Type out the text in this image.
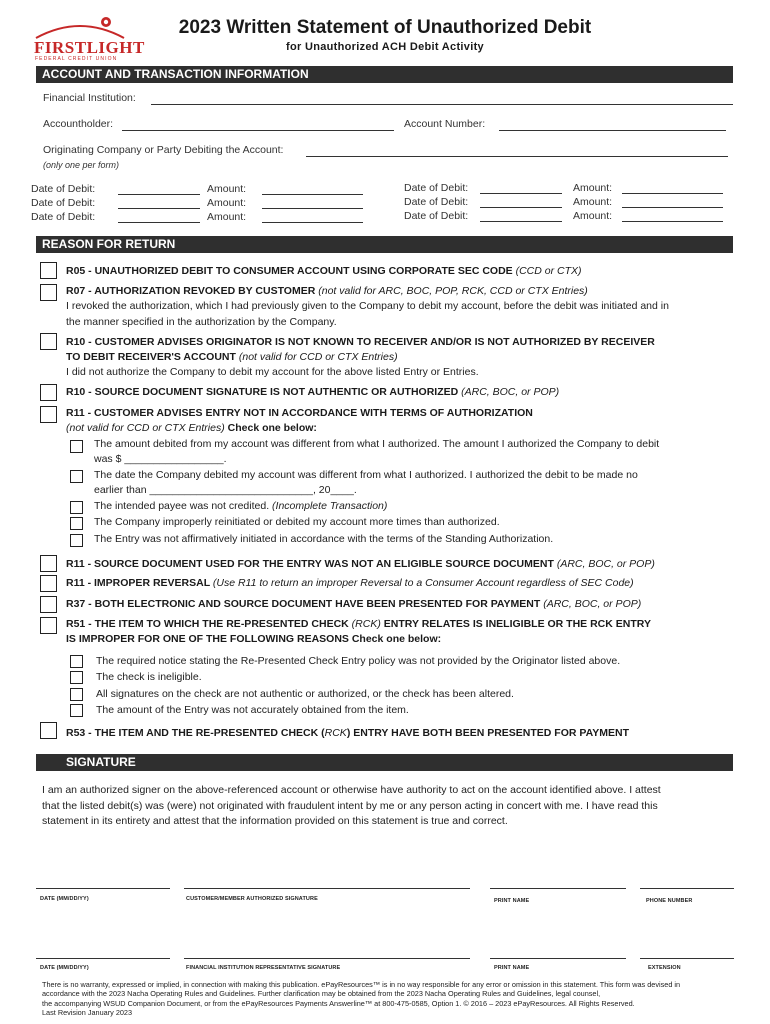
FIRSTLIGHT
FEDERAL CREDIT UNION
2023 Written Statement of Unauthorized Debit
for Unauthorized ACH Debit Activity
ACCOUNT AND TRANSACTION INFORMATION
Financial Institution:
Accountholder:	Account Number:
Originating Company or Party Debiting the Account:
(only one per form)
Date of Debit:	Amount:
Date of Debit:	Amount:
Date of Debit:	Amount:
Date of Debit:	Amount:
Date of Debit:	Amount:
Date of Debit:	Amount:
REASON FOR RETURN
R05 - UNAUTHORIZED DEBIT TO CONSUMER ACCOUNT USING CORPORATE SEC CODE (CCD or CTX)
R07 - AUTHORIZATION REVOKED BY CUSTOMER (not valid for ARC, BOC, POP, RCK, CCD or CTX Entries)
I revoked the authorization, which I had previously given to the Company to debit my account, before the debit was initiated and in
the manner specified in the authorization by the Company.
R10 - CUSTOMER ADVISES ORIGINATOR IS NOT KNOWN TO RECEIVER AND/OR IS NOT AUTHORIZED BY RECEIVER
TO DEBIT RECEIVER'S ACCOUNT (not valid for CCD or CTX Entries)
I did not authorize the Company to debit my account for the above listed Entry or Entries.
R10 - SOURCE DOCUMENT SIGNATURE IS NOT AUTHENTIC OR AUTHORIZED (ARC, BOC, or POP)
R11 - CUSTOMER ADVISES ENTRY NOT IN ACCORDANCE WITH TERMS OF AUTHORIZATION
(not valid for CCD or CTX Entries) Check one below:
The amount debited from my account was different from what I authorized. The amount I authorized the Company to debit
was $ _________________.
The date the Company debited my account was different from what I authorized. I authorized the debit to be made no
earlier than ____________________________, 20____.
The intended payee was not credited. (Incomplete Transaction)
The Company improperly reinitiated or debited my account more times than authorized.
The Entry was not affirmatively initiated in accordance with the terms of the Standing Authorization.
R11 - SOURCE DOCUMENT USED FOR THE ENTRY WAS NOT AN ELIGIBLE SOURCE DOCUMENT (ARC, BOC, or POP)
R11 - IMPROPER REVERSAL (Use R11 to return an improper Reversal to a Consumer Account regardless of SEC Code)
R37 - BOTH ELECTRONIC AND SOURCE DOCUMENT HAVE BEEN PRESENTED FOR PAYMENT (ARC, BOC, or POP)
R51 - THE ITEM TO WHICH THE RE-PRESENTED CHECK (RCK) ENTRY RELATES IS INELIGIBLE OR THE RCK ENTRY
IS IMPROPER FOR ONE OF THE FOLLOWING REASONS Check one below:
The required notice stating the Re-Presented Check Entry policy was not provided by the Originator listed above.
The check is ineligible.
All signatures on the check are not authentic or authorized, or the check has been altered.
The amount of the Entry was not accurately obtained from the item.
R53 - THE ITEM AND THE RE-PRESENTED CHECK (RCK) ENTRY HAVE BOTH BEEN PRESENTED FOR PAYMENT
SIGNATURE
I am an authorized signer on the above-referenced account or otherwise have authority to act on the account identified above. I attest
that the listed debit(s) was (were) not originated with fraudulent intent by me or any person acting in concert with me. I have read this
statement in its entirety and attest that the information provided on this statement is true and correct.
DATE (MM/DD/YY)	CUSTOMER/MEMBER AUTHORIZED SIGNATURE	PRINT NAME	PHONE NUMBER
DATE (MM/DD/YY)	FINANCIAL INSTITUTION REPRESENTATIVE SIGNATURE	PRINT NAME	EXTENSION
There is no warranty, expressed or implied, in connection with making this publication. ePayResources™ is in no way responsible for any error or omission in this statement. This form was devised in
accordance with the 2023 Nacha Operating Rules and Guidelines. Further clarification may be obtained from the 2023 Nacha Operating Rules and Guidelines, legal counsel,
the accompanying WSUD Companion Document, or from the ePayResources Payments Answerline™ at 800-475-0585, Option 1. © 2016 – 2023 ePayResources. All Rights Reserved.
Last Revision January 2023
